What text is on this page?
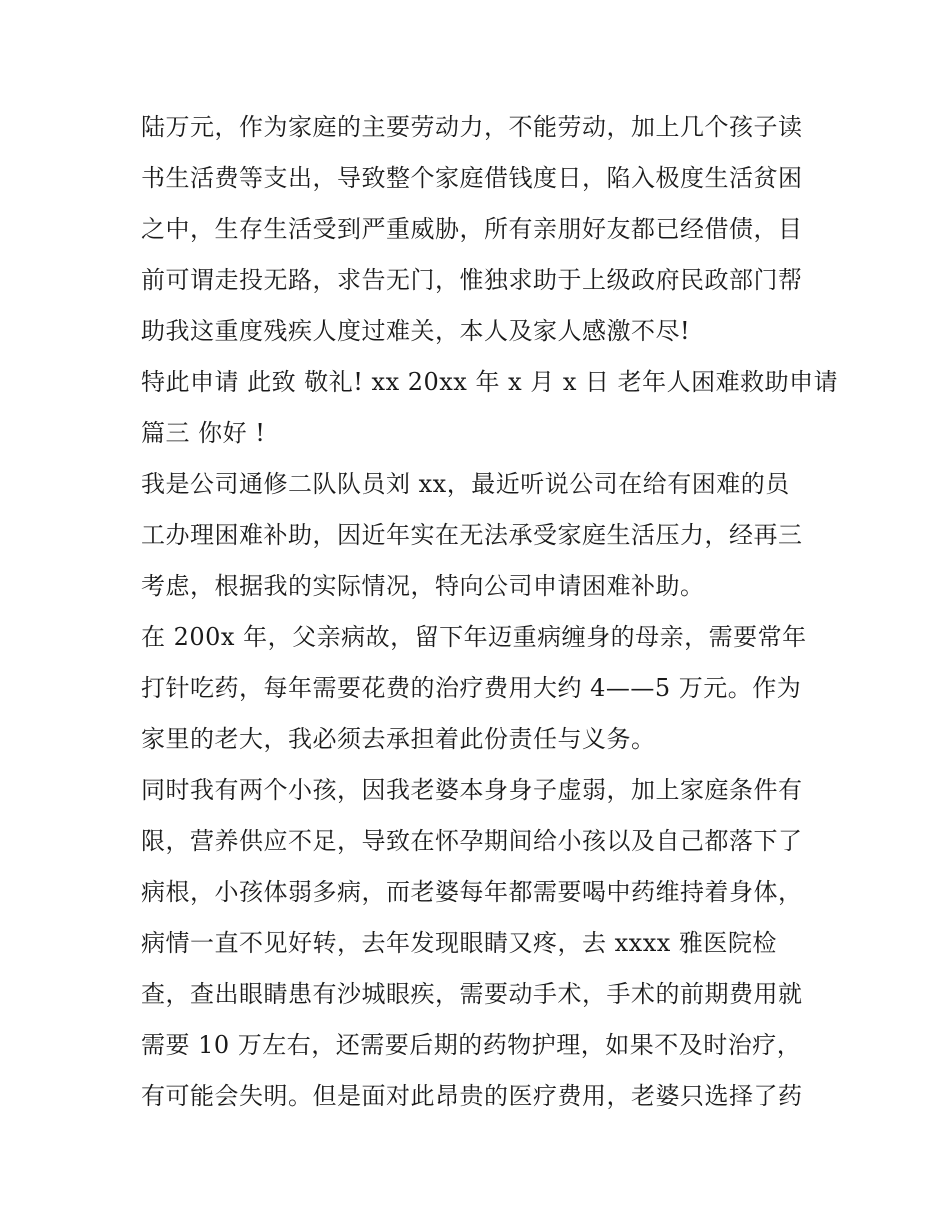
陆万元，作为家庭的主要劳动力，不能劳动，加上几个孩子读
书生活费等支出，导致整个家庭借钱度日，陷入极度生活贫困
之中，生存生活受到严重威胁，所有亲朋好友都已经借债，目
前可谓走投无路，求告无门，惟独求助于上级政府民政部门帮
助我这重度残疾人度过难关，本人及家人感激不尽!
特此申请 此致 敬礼! xx 20xx 年 x 月 x 日 老年人困难救助申请
篇三 你好 !
我是公司通修二队队员刘 xx，最近听说公司在给有困难的员
工办理困难补助，因近年实在无法承受家庭生活压力，经再三
考虑，根据我的实际情况，特向公司申请困难补助。
在 200x 年，父亲病故，留下年迈重病缠身的母亲，需要常年
打针吃药，每年需要花费的治疗费用大约 4——5 万元。作为
家里的老大，我必须去承担着此份责任与义务。
同时我有两个小孩，因我老婆本身身子虚弱，加上家庭条件有
限，营养供应不足，导致在怀孕期间给小孩以及自己都落下了
病根，小孩体弱多病，而老婆每年都需要喝中药维持着身体，
病情一直不见好转，去年发现眼睛又疼，去 xxxx 雅医院检
查，查出眼睛患有沙城眼疾，需要动手术，手术的前期费用就
需要 10 万左右，还需要后期的药物护理，如果不及时治疗，
有可能会失明。但是面对此昂贵的医疗费用，老婆只选择了药
